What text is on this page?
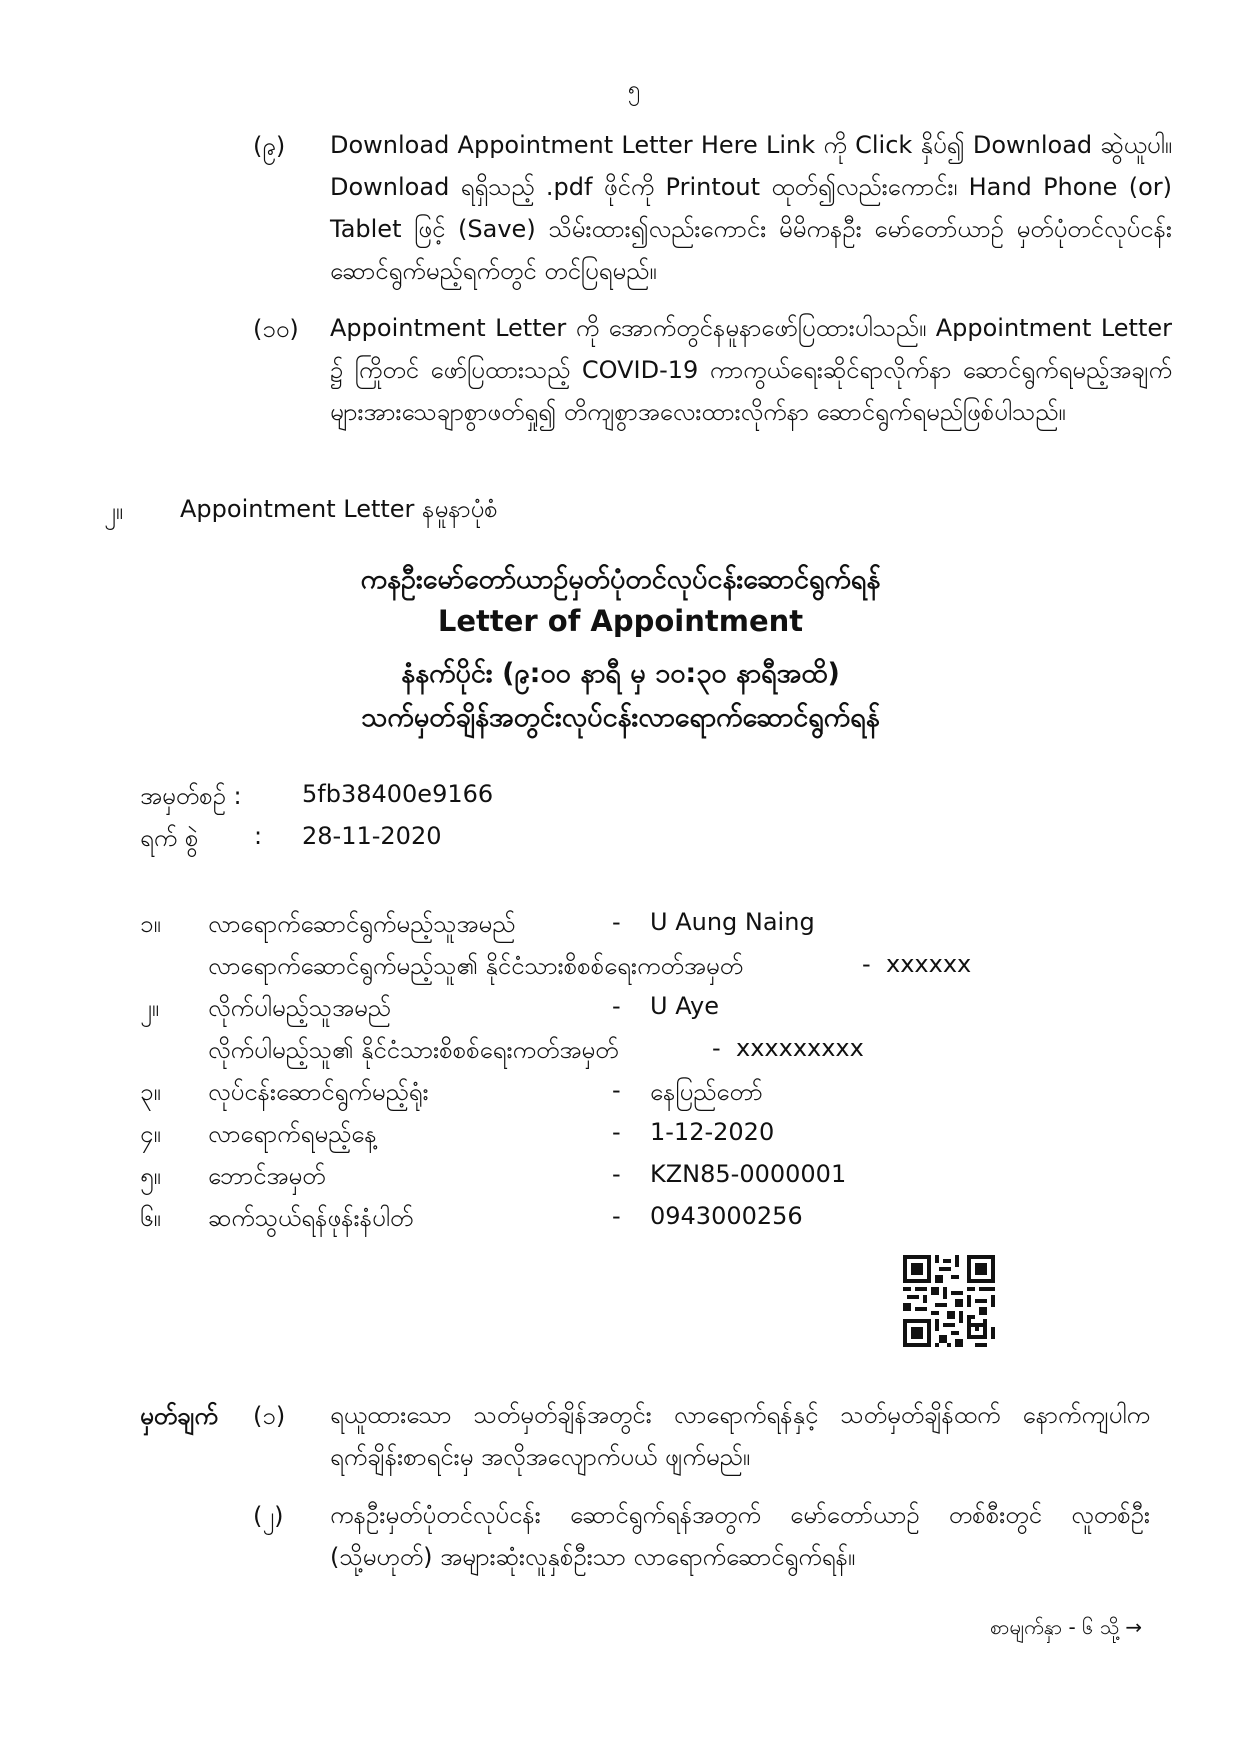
၅
(၉) Download Appointment Letter Here Link ကို Click နှိပ်၍ Download ဆွဲယူပါ။ Download ရရှိသည့် .pdf ဖိုင်ကို Printout ထုတ်၍လည်းကောင်း၊ Hand Phone (or) Tablet ဖြင့် (Save) သိမ်းထား၍လည်းကောင်း မိမိကနဦး မော်တော်ယာဉ် မှတ်ပုံတင်လုပ်ငန်း ဆောင်ရွက်မည့်ရက်တွင် တင်ပြရမည်။
(၁၀) Appointment Letter ကို အောက်တွင်နမူနာဖော်ပြထားပါသည်။ Appointment Letter ၌ ကြိုတင် ဖော်ပြထားသည့် COVID-19 ကာကွယ်ရေးဆိုင်ရာလိုက်နာ ဆောင်ရွက်ရမည့်အချက်များအားသေချာစွာဖတ်ရှု၍ တိကျစွာအလေးထားလိုက်နာ ဆောင်ရွက်ရမည်ဖြစ်ပါသည်။
၂။ Appointment Letter နမူနာပုံစံ
ကနဦးမော်တော်ယာဉ်မှတ်ပုံတင်လုပ်ငန်းဆောင်ရွက်ရန်
Letter of Appointment
နံနက်ပိုင်း (၉:၀၀ နာရီ မှ ၁၀:၃၀ နာရီအထိ)
သက်မှတ်ချိန်အတွင်းလုပ်ငန်းလာရောက်ဆောင်ရွက်ရန်
အမှတ်စဉ် :	5fb38400e9166
ရက် စွဲ : 28-11-2020
၁။ လာရောက်ဆောင်ရွက်မည့်သူအမည်	- U Aung Naing
လာရောက်ဆောင်ရွက်မည့်သူ၏ နိုင်ငံသားစိစစ်ရေးကတ်အမှတ်	- xxxxxx
၂။ လိုက်ပါမည့်သူအမည်	- U Aye
လိုက်ပါမည့်သူ၏ နိုင်ငံသားစိစစ်ရေးကတ်အမှတ်	- xxxxxxxxx
၃။ လုပ်ငန်းဆောင်ရွက်မည့်ရုံး	- နေပြည်တော်
၄။ လာရောက်ရမည့်နေ့	- 1-12-2020
၅။ ဘောင်အမှတ်	- KZN85-0000001
၆။ ဆက်သွယ်ရန်ဖုန်းနံပါတ်	- 0943000256
မှတ်ချက် (၁) ရယူထားသော သတ်မှတ်ချိန်အတွင်း လာရောက်ရန်နှင့် သတ်မှတ်ချိန်ထက် နောက်ကျပါက ရက်ချိန်းစာရင်းမှ အလိုအလျောက်ပယ် ဖျက်မည်။
(၂) ကနဦးမှတ်ပုံတင်လုပ်ငန်း ဆောင်ရွက်ရန်အတွက် မော်တော်ယာဉ် တစ်စီးတွင် လူတစ်ဦး (သို့မဟုတ်) အများဆုံးလူနှစ်ဦးသာ လာရောက်ဆောင်ရွက်ရန်။
စာမျက်နှာ - ၆ သို့ →
